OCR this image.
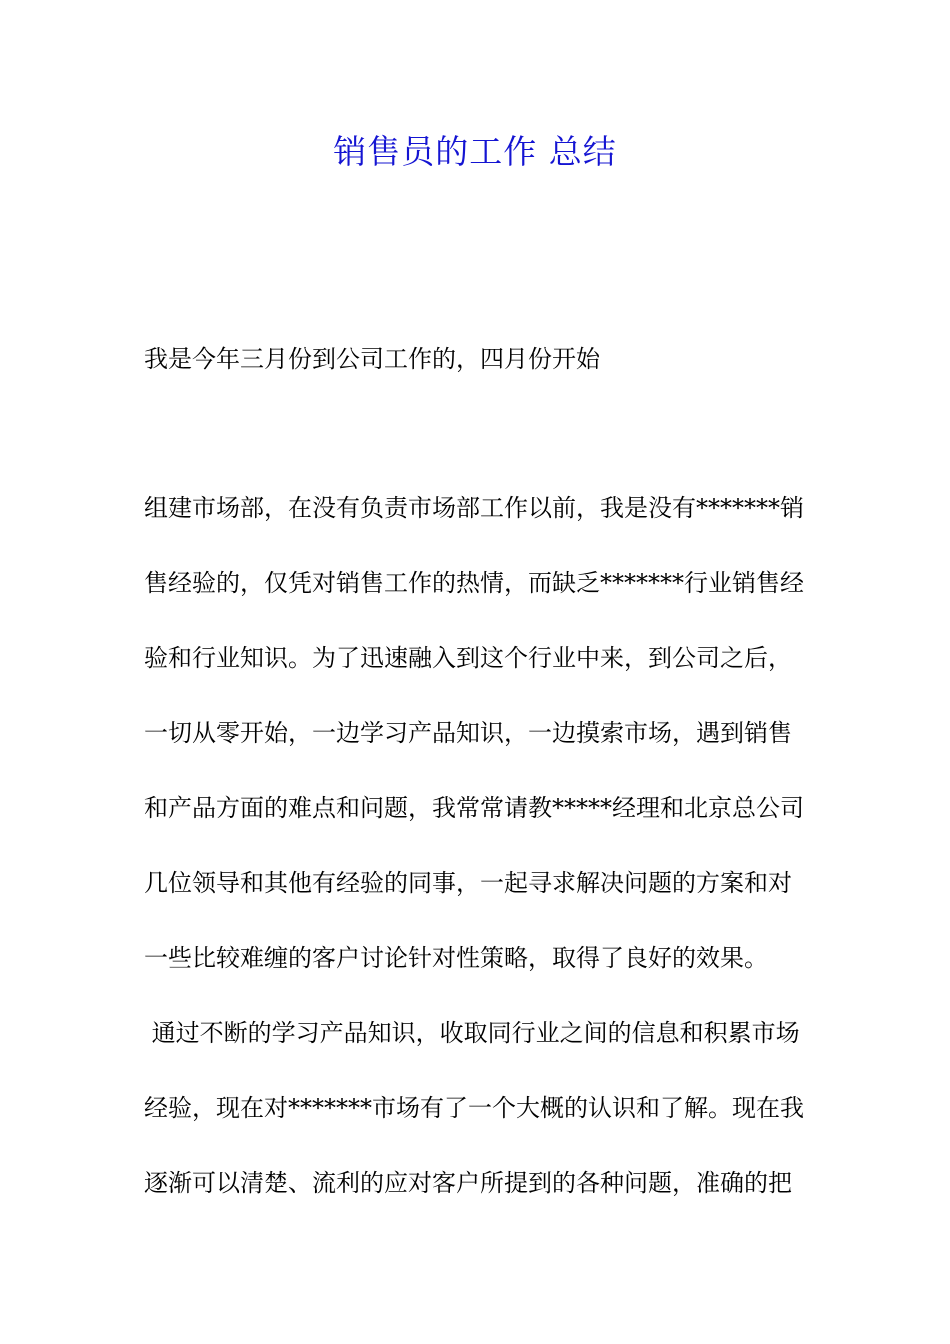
销售员的工作 总结
我是今年三月份到公司工作的，四月份开始
组建市场部，在没有负责市场部工作以前，我是没有*******销
售经验的，仅凭对销售工作的热情，而缺乏*******行业销售经
验和行业知识。为了迅速融入到这个行业中来，到公司之后，
一切从零开始，一边学习产品知识，一边摸索市场，遇到销售
和产品方面的难点和问题，我常常请教*****经理和北京总公司
几位领导和其他有经验的同事，一起寻求解决问题的方案和对
一些比较难缠的客户讨论针对性策略，取得了良好的效果。
通过不断的学习产品知识，收取同行业之间的信息和积累市场
经验，现在对*******市场有了一个大概的认识和了解。现在我
逐渐可以清楚、流利的应对客户所提到的各种问题，准确的把
